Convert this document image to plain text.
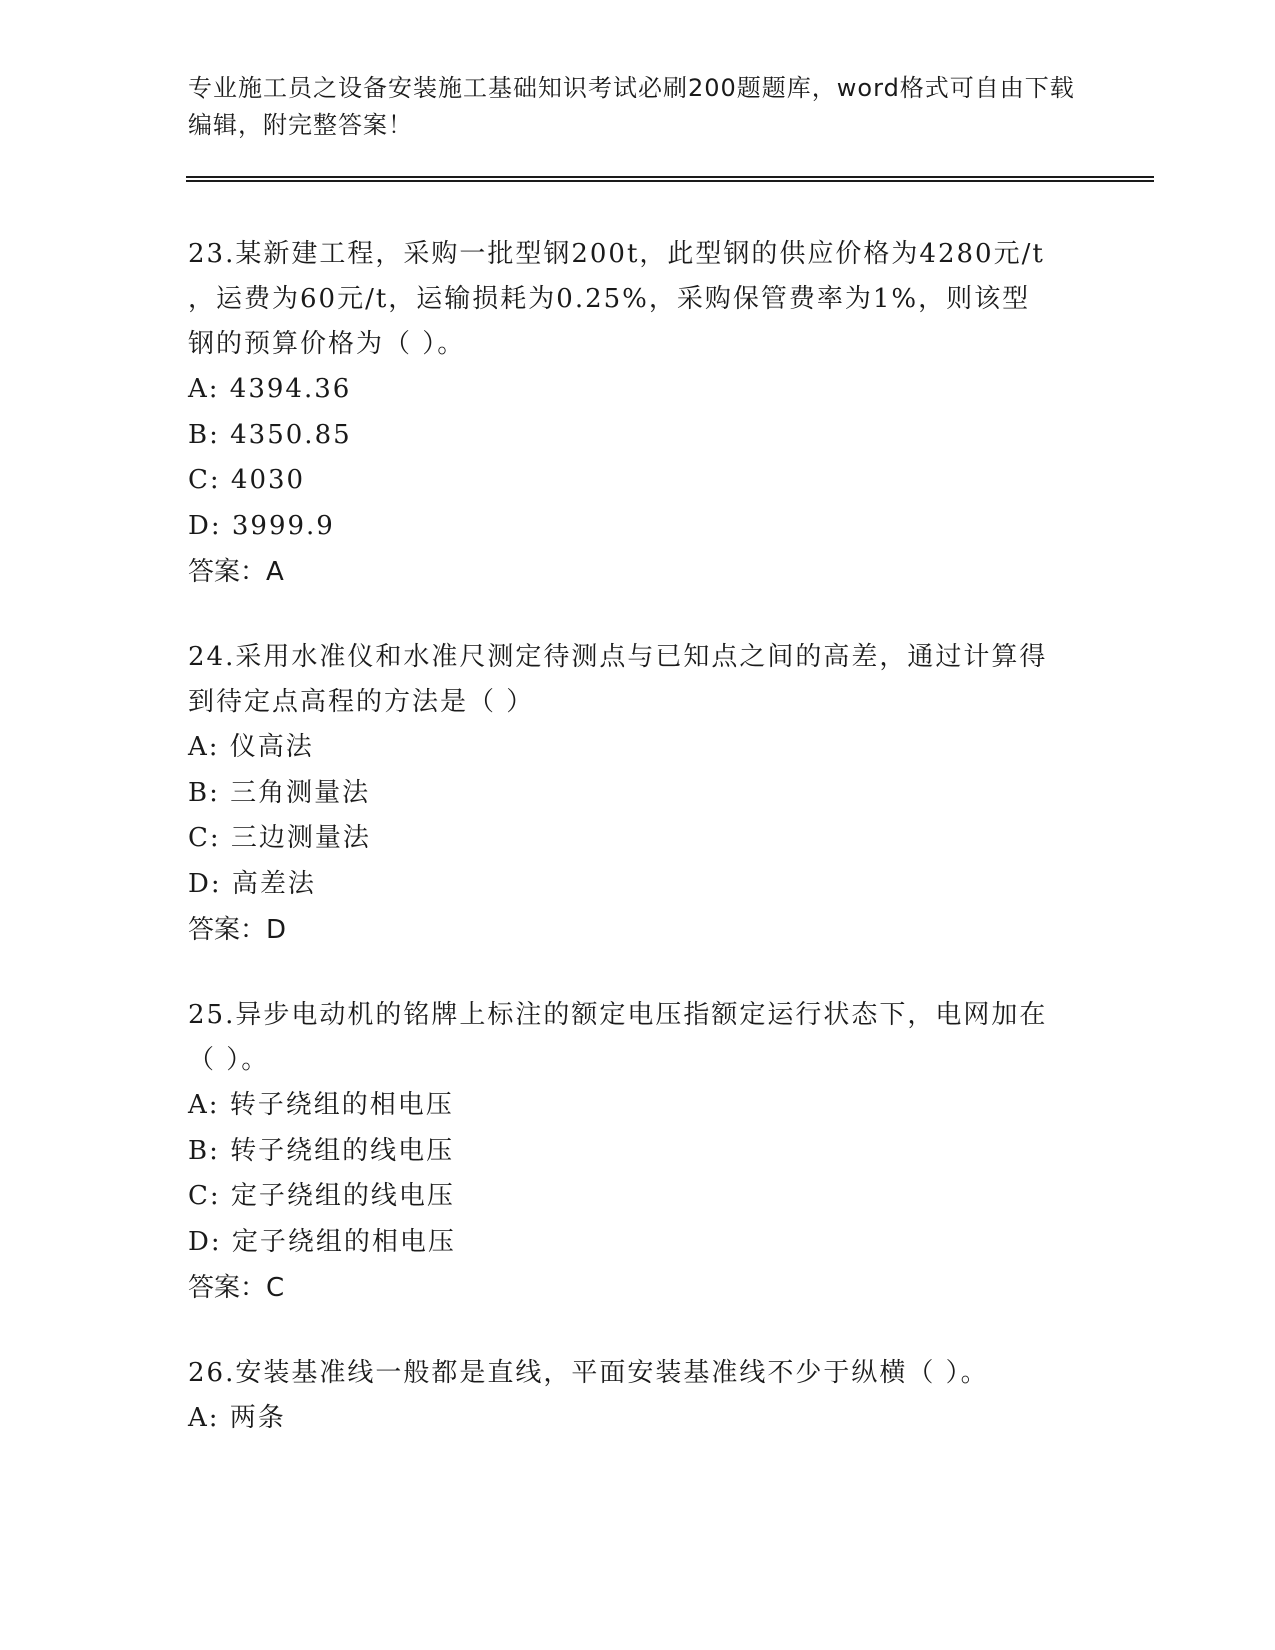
专业施工员之设备安装施工基础知识考试必刷200题题库，word格式可自由下载
编辑，附完整答案！

23.某新建工程，采购一批型钢200t，此型钢的供应价格为4280元/t

，运费为60元/t，运输损耗为0.25%，采购保管费率为1%，则该型

钢的预算价格为（ ）。

A: 4394.36

B: 4350.85

C: 4030

D: 3999.9

答案：A

24.采用水准仪和水准尺测定待测点与已知点之间的高差，通过计算得

到待定点高程的方法是（ ）

A: 仪高法

B: 三角测量法

C: 三边测量法

D: 高差法

答案：D

25.异步电动机的铭牌上标注的额定电压指额定运行状态下，电网加在

（ ）。

A: 转子绕组的相电压

B: 转子绕组的线电压

C: 定子绕组的线电压

D: 定子绕组的相电压

答案：C

26.安装基准线一般都是直线，平面安装基准线不少于纵横（ ）。

A: 两条
